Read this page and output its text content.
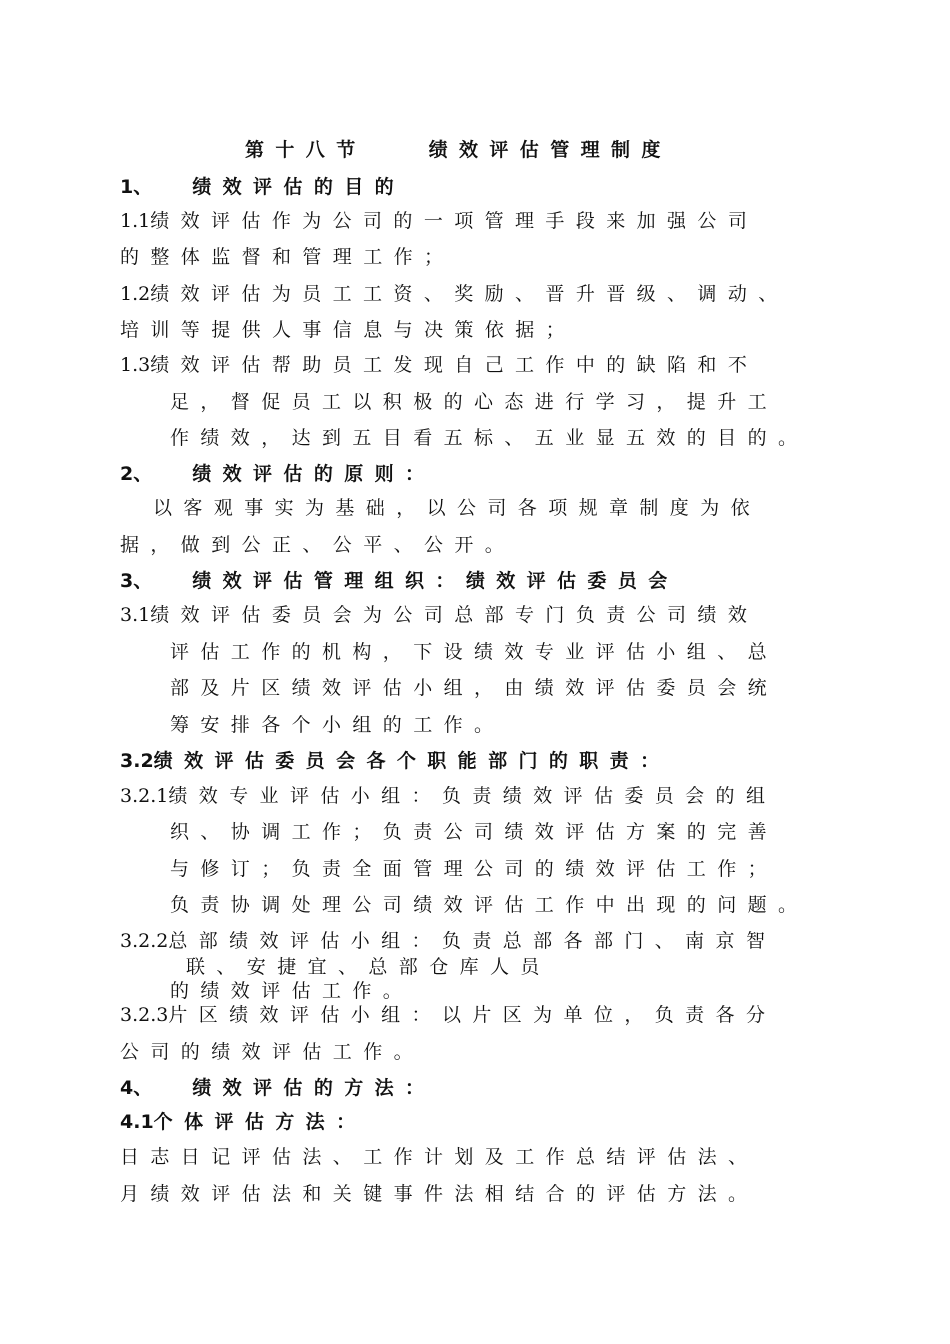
第十八节	绩效评估管理制度
1、 绩效评估的目的
1.1绩效评估作为公司的一项管理手段来加强公司
的整体监督和管理工作；
1.2绩效评估为员工工资、奖励、晋升晋级、调动、
培训等提供人事信息与决策依据；
1.3绩效评估帮助员工发现自己工作中的缺陷和不
足，督促员工以积极的心态进行学习，提升工
作绩效，达到五目看五标、五业显五效的目的。
2、 绩效评估的原则：
以客观事实为基础，以公司各项规章制度为依
据，做到公正、公平、公开。
3、 绩效评估管理组织：绩效评估委员会
3.1绩效评估委员会为公司总部专门负责公司绩效
评估工作的机构，下设绩效专业评估小组、总
部及片区绩效评估小组，由绩效评估委员会统
筹安排各个小组的工作。
3.2绩效评估委员会各个职能部门的职责：
3.2.1绩效专业评估小组：负责绩效评估委员会的组
织、协调工作；负责公司绩效评估方案的完善
与修订；负责全面管理公司的绩效评估工作；
负责协调处理公司绩效评估工作中出现的问题。
3.2.2总部绩效评估小组：负责总部各部门、南京智
联、安捷宜、总部仓库人员
的绩效评估工作。
3.2.3片区绩效评估小组：以片区为单位，负责各分
公司的绩效评估工作。
4、 绩效评估的方法：
4.1个体评估方法：
日志日记评估法、工作计划及工作总结评估法、
月绩效评估法和关键事件法相结合的评估方法。
